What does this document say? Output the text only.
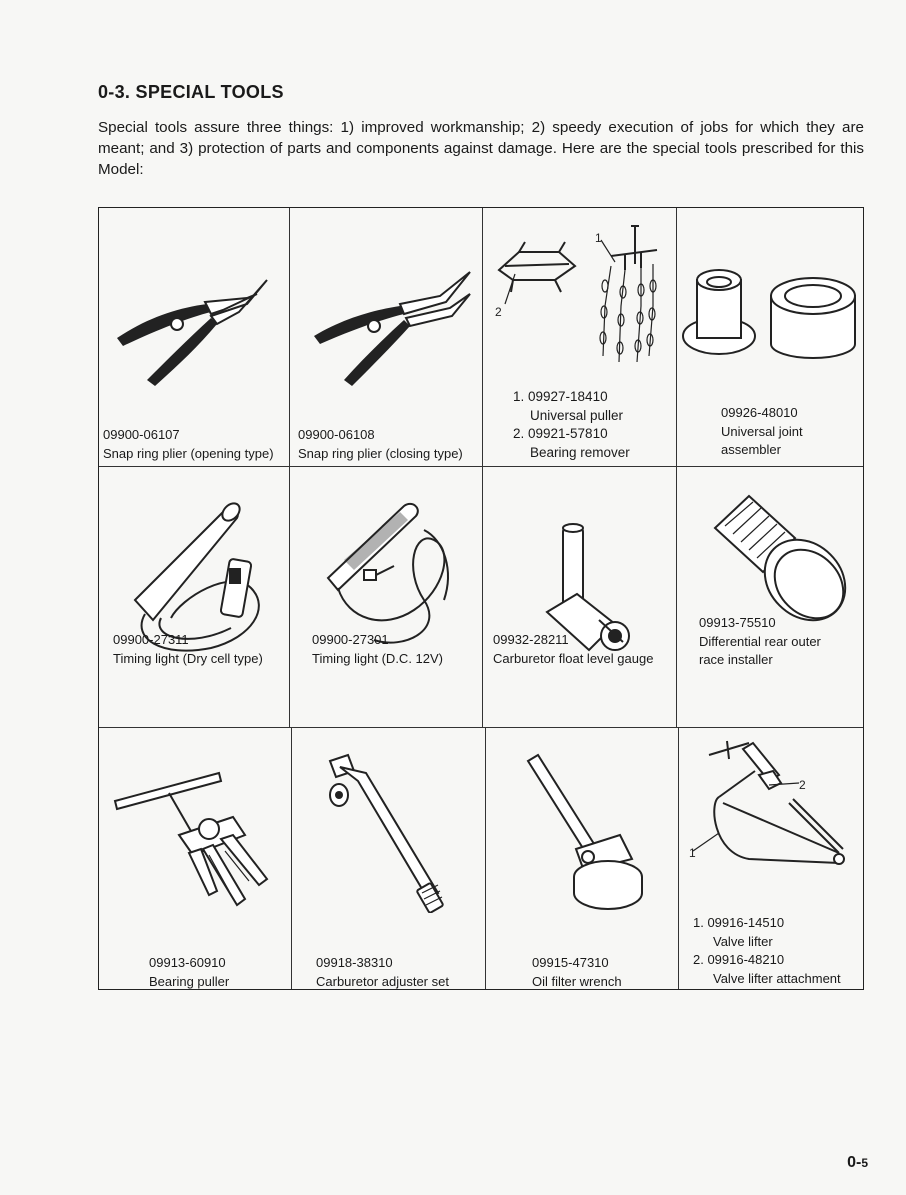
0-3. SPECIAL TOOLS

Special tools assure three things: 1) improved workmanship; 2) speedy execution of jobs for which they are meant; and 3) protection of parts and components against damage. Here are the special tools prescribed for this Model:

09900-06107
Snap ring plier (opening type)
09900-06108
Snap ring plier (closing type)
1
2
1. 09927-18410
Universal puller
2. 09921-57810
Bearing remover
09926-48010
Universal joint
assembler
09900-27311
Timing light (Dry cell type)
09900-27301
Timing light (D.C. 12V)
09932-28211
Carburetor float level gauge
09913-75510
Differential rear outer
race installer
09913-60910
Bearing puller
09918-38310
Carburetor adjuster set
09915-47310
Oil filter wrench
2
1
1. 09916-14510
Valve lifter
2. 09916-48210
Valve lifter attachment
0-5
